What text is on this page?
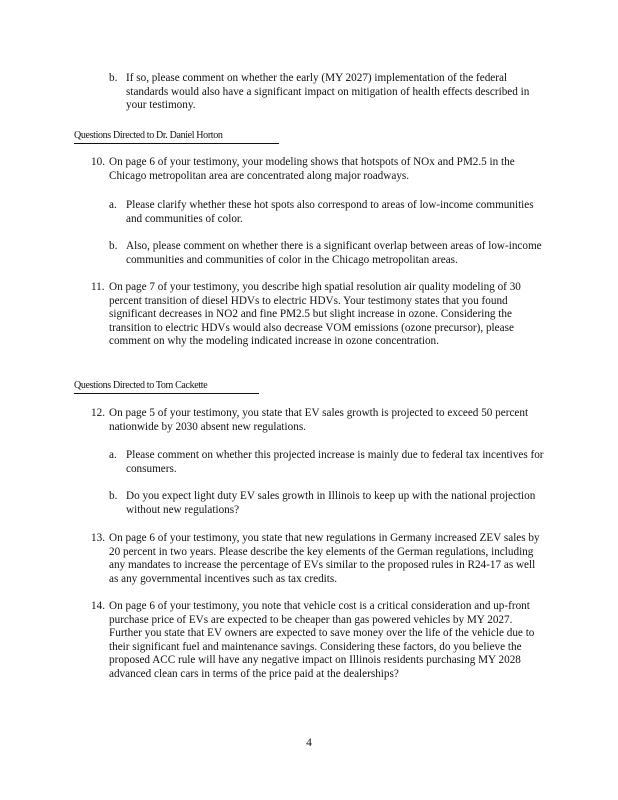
b. If so, please comment on whether the early (MY 2027) implementation of the federal standards would also have a significant impact on mitigation of health effects described in your testimony.
Questions Directed to Dr. Daniel Horton
10. On page 6 of your testimony, your modeling shows that hotspots of NOx and PM2.5 in the Chicago metropolitan area are concentrated along major roadways.
a. Please clarify whether these hot spots also correspond to areas of low-income communities and communities of color.
b. Also, please comment on whether there is a significant overlap between areas of low-income communities and communities of color in the Chicago metropolitan areas.
11. On page 7 of your testimony, you describe high spatial resolution air quality modeling of 30 percent transition of diesel HDVs to electric HDVs. Your testimony states that you found significant decreases in NO2 and fine PM2.5 but slight increase in ozone. Considering the transition to electric HDVs would also decrease VOM emissions (ozone precursor), please comment on why the modeling indicated increase in ozone concentration.
Questions Directed to Tom Cackette
12. On page 5 of your testimony, you state that EV sales growth is projected to exceed 50 percent nationwide by 2030 absent new regulations.
a. Please comment on whether this projected increase is mainly due to federal tax incentives for consumers.
b. Do you expect light duty EV sales growth in Illinois to keep up with the national projection without new regulations?
13. On page 6 of your testimony, you state that new regulations in Germany increased ZEV sales by 20 percent in two years. Please describe the key elements of the German regulations, including any mandates to increase the percentage of EVs similar to the proposed rules in R24-17 as well as any governmental incentives such as tax credits.
14. On page 6 of your testimony, you note that vehicle cost is a critical consideration and up-front purchase price of EVs are expected to be cheaper than gas powered vehicles by MY 2027. Further you state that EV owners are expected to save money over the life of the vehicle due to their significant fuel and maintenance savings. Considering these factors, do you believe the proposed ACC rule will have any negative impact on Illinois residents purchasing MY 2028 advanced clean cars in terms of the price paid at the dealerships?
4
